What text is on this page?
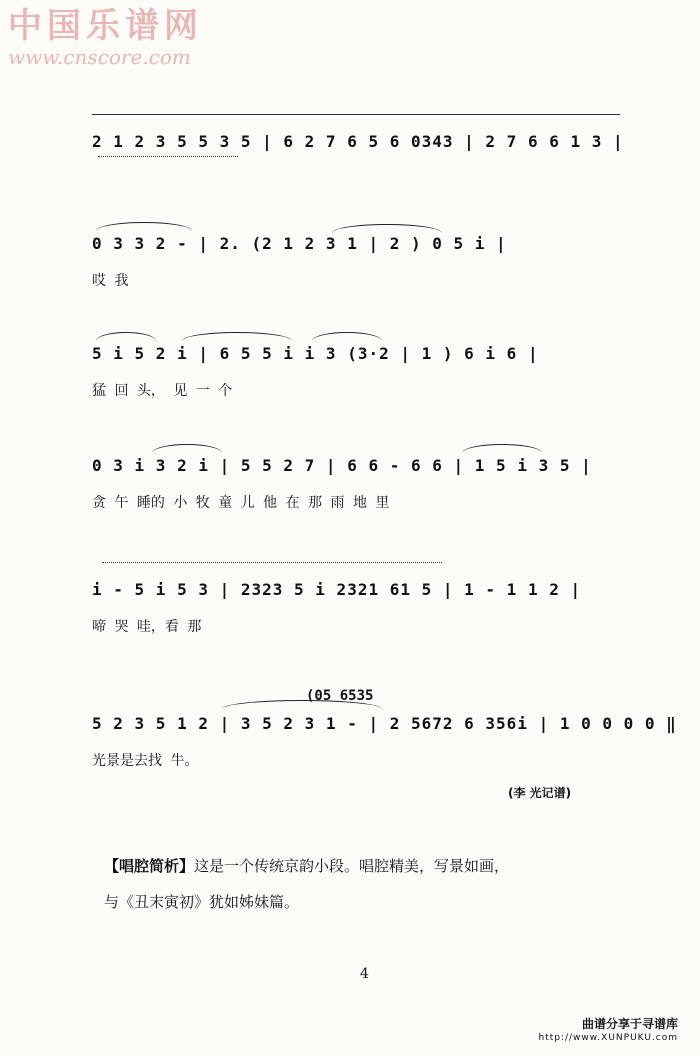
中国乐谱网
www.cnscore.com
2 1 2 3 5 5 3 5 | 6 2 7 6 5 6 0343 | 2 7 6 6 1 3 |
0 3 3 2 - | 2. (2 1 2 3 1 | 2 ) 0 5 i |
哎 我
5 i 5 2 i | 6 5 5 i i 3 (3·2 | 1 ) 6 i 6 |
猛 回 头， 见 一 个
0 3 i 3 2 i | 5 5 2 7 | 6 6 - 6 6 | 1 5 i 3 5 |
贪 午 睡的 小 牧 童 儿 他 在 那 雨 地 里
i - 5 i 5 3 | 2323 5 i 2321 61 5 | 1 - 1 1 2 |
啼 哭 哇，看 那
(05 6535
5 2 3 5 1 2 | 3 5 2 3 1 - | 2 5672 6 356i | 1 0 0 0 0 ‖
光景是去找 牛。
(李 光记谱)
【唱腔简析】这是一个传统京韵小段。唱腔精美，写景如画，
与《丑末寅初》犹如姊妹篇。
4
曲谱分享于寻谱库
http://www.XUNPUKU.com
